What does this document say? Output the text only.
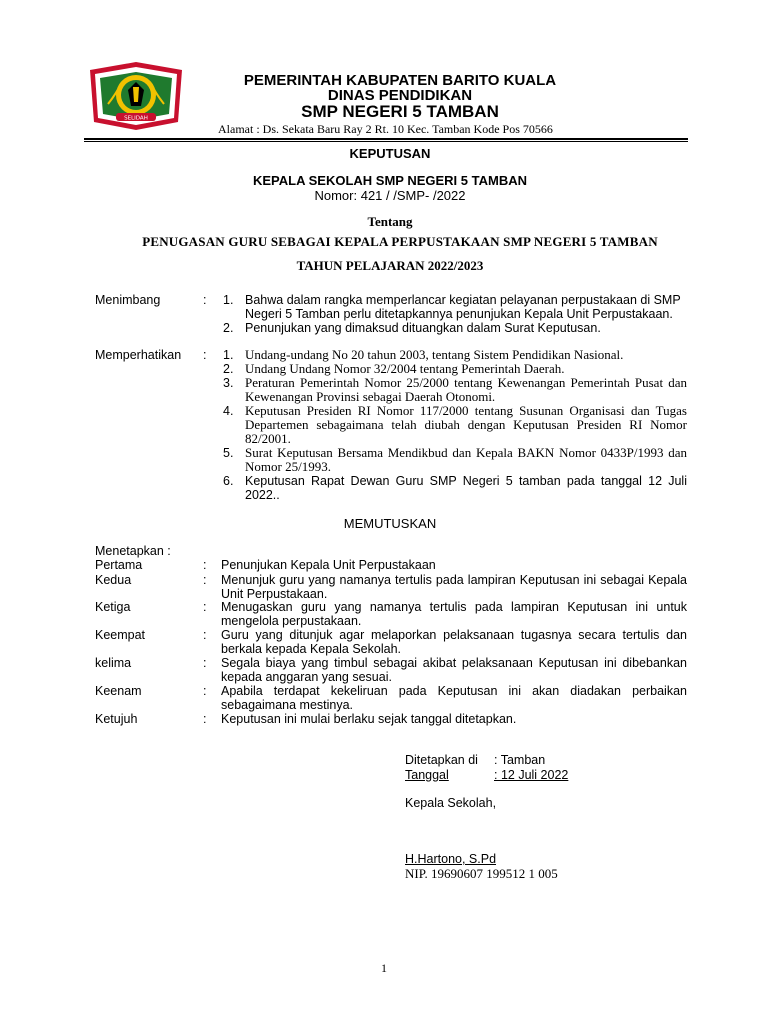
SELIDAH
PEMERINTAH KABUPATEN BARITO KUALA
DINAS PENDIDIKAN
SMP NEGERI 5 TAMBAN
Alamat : Ds. Sekata Baru Ray 2 Rt. 10 Kec. Tamban Kode Pos 70566
KEPUTUSAN
KEPALA SEKOLAH SMP NEGERI 5 TAMBAN
Nomor: 421 / /SMP- /2022
Tentang
PENUGASAN GURU SEBAGAI KEPALA PERPUSTAKAAN SMP NEGERI 5 TAMBAN
TAHUN PELAJARAN 2022/2023
Menimbang	: 1. Bahwa dalam rangka memperlancar kegiatan pelayanan perpustakaan di SMP Negeri 5 Tamban perlu ditetapkannya penunjukan Kepala Unit Perpustakaan.
2. Penunjukan yang dimaksud dituangkan dalam Surat Keputusan.
Memperhatikan : 1. Undang-undang No 20 tahun 2003, tentang Sistem Pendidikan Nasional.
2. Undang Undang Nomor 32/2004 tentang Pemerintah Daerah.
3. Peraturan Pemerintah Nomor 25/2000 tentang Kewenangan Pemerintah Pusat dan Kewenangan Provinsi sebagai Daerah Otonomi.
4. Keputusan Presiden RI Nomor 117/2000 tentang Susunan Organisasi dan Tugas Departemen sebagaimana telah diubah dengan Keputusan Presiden RI Nomor 82/2001.
5. Surat Keputusan Bersama Mendikbud dan Kepala BAKN Nomor 0433P/1993 dan Nomor 25/1993.
6. Keputusan Rapat Dewan Guru SMP Negeri 5 tamban pada tanggal 12 Juli 2022..
MEMUTUSKAN
Menetapkan :
Pertama	: Penunjukan Kepala Unit Perpustakaan
Kedua	: Menunjuk guru yang namanya tertulis pada lampiran Keputusan ini sebagai Kepala Unit Perpustakaan.
Ketiga	: Menugaskan guru yang namanya tertulis pada lampiran Keputusan ini untuk mengelola perpustakaan.
Keempat	: Guru yang ditunjuk agar melaporkan pelaksanaan tugasnya secara tertulis dan berkala kepada Kepala Sekolah.
kelima	: Segala biaya yang timbul sebagai akibat pelaksanaan Keputusan ini dibebankan kepada anggaran yang sesuai.
Keenam	: Apabila terdapat kekeliruan pada Keputusan ini akan diadakan perbaikan sebagaimana mestinya.
Ketujuh	: Keputusan ini mulai berlaku sejak tanggal ditetapkan.
Ditetapkan di : Tamban
Tanggal	: 12 Juli 2022
Kepala Sekolah,
H.Hartono, S.Pd
NIP. 19690607 199512 1 005
1
